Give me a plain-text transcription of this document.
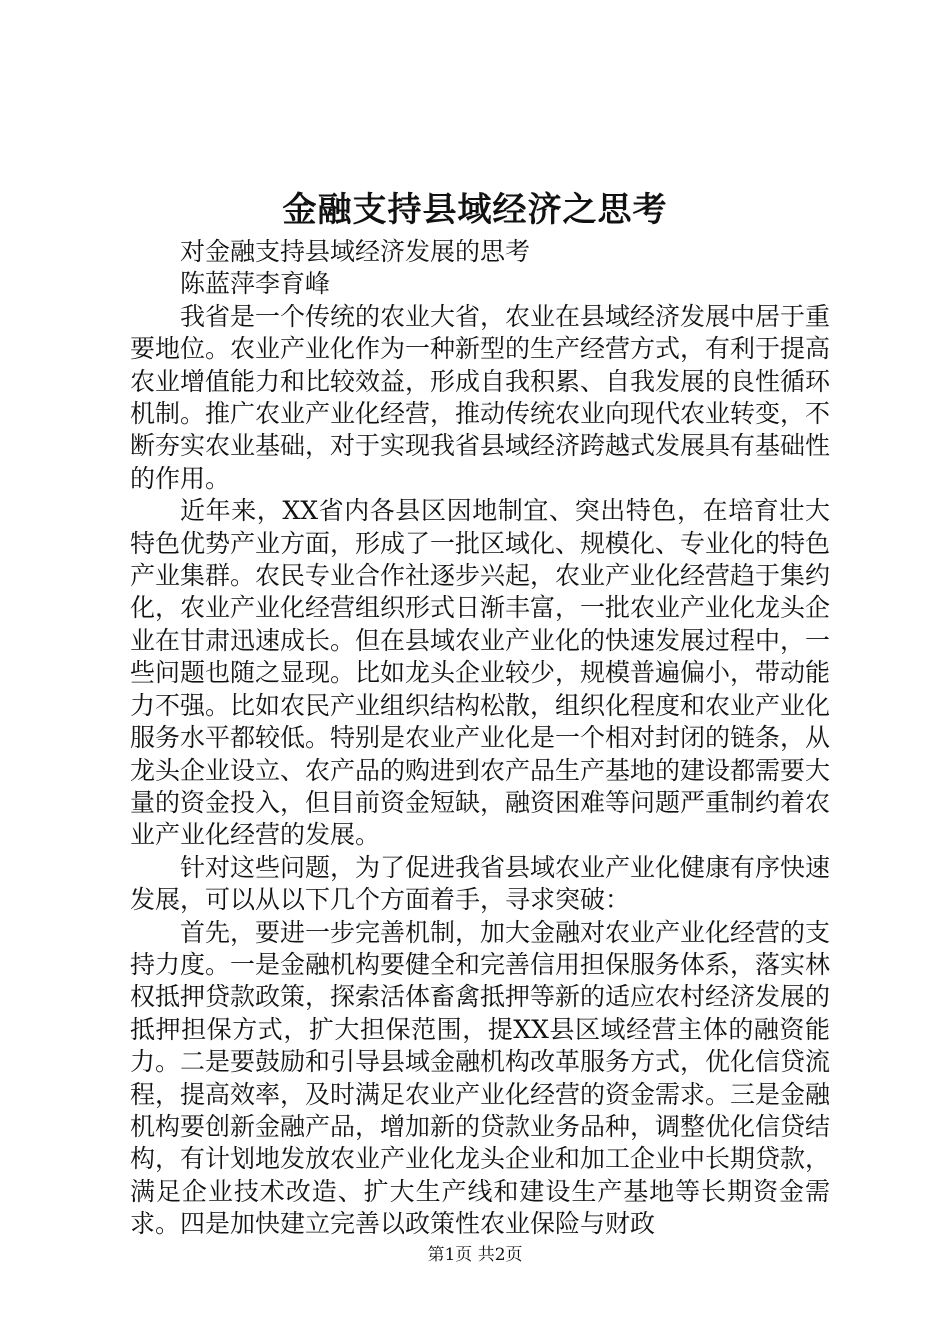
金融支持县域经济之思考

对金融支持县域经济发展的思考

陈蓝萍李育峰

我省是一个传统的农业大省，农业在县域经济发展中居于重要地位。农业产业化作为一种新型的生产经营方式，有利于提高农业增值能力和比较效益，形成自我积累、自我发展的良性循环机制。推广农业产业化经营，推动传统农业向现代农业转变，不断夯实农业基础，对于实现我省县域经济跨越式发展具有基础性的作用。

近年来，XX省内各县区因地制宜、突出特色，在培育壮大特色优势产业方面，形成了一批区域化、规模化、专业化的特色产业集群。农民专业合作社逐步兴起，农业产业化经营趋于集约化，农业产业化经营组织形式日渐丰富，一批农业产业化龙头企业在甘肃迅速成长。但在县域农业产业化的快速发展过程中，一些问题也随之显现。比如龙头企业较少，规模普遍偏小，带动能力不强。比如农民产业组织结构松散，组织化程度和农业产业化服务水平都较低。特别是农业产业化是一个相对封闭的链条，从龙头企业设立、农产品的购进到农产品生产基地的建设都需要大量的资金投入，但目前资金短缺，融资困难等问题严重制约着农业产业化经营的发展。

针对这些问题，为了促进我省县域农业产业化健康有序快速发展，可以从以下几个方面着手，寻求突破：

首先，要进一步完善机制，加大金融对农业产业化经营的支持力度。一是金融机构要健全和完善信用担保服务体系，落实林权抵押贷款政策，探索活体畜禽抵押等新的适应农村经济发展的抵押担保方式，扩大担保范围，提XX县区域经营主体的融资能力。二是要鼓励和引导县域金融机构改革服务方式，优化信贷流程，提高效率，及时满足农业产业化经营的资金需求。三是金融机构要创新金融产品，增加新的贷款业务品种，调整优化信贷结构，有计划地发放农业产业化龙头企业和加工企业中长期贷款，满足企业技术改造、扩大生产线和建设生产基地等长期资金需求。四是加快建立完善以政策性农业保险与财政

第1页 共2页
